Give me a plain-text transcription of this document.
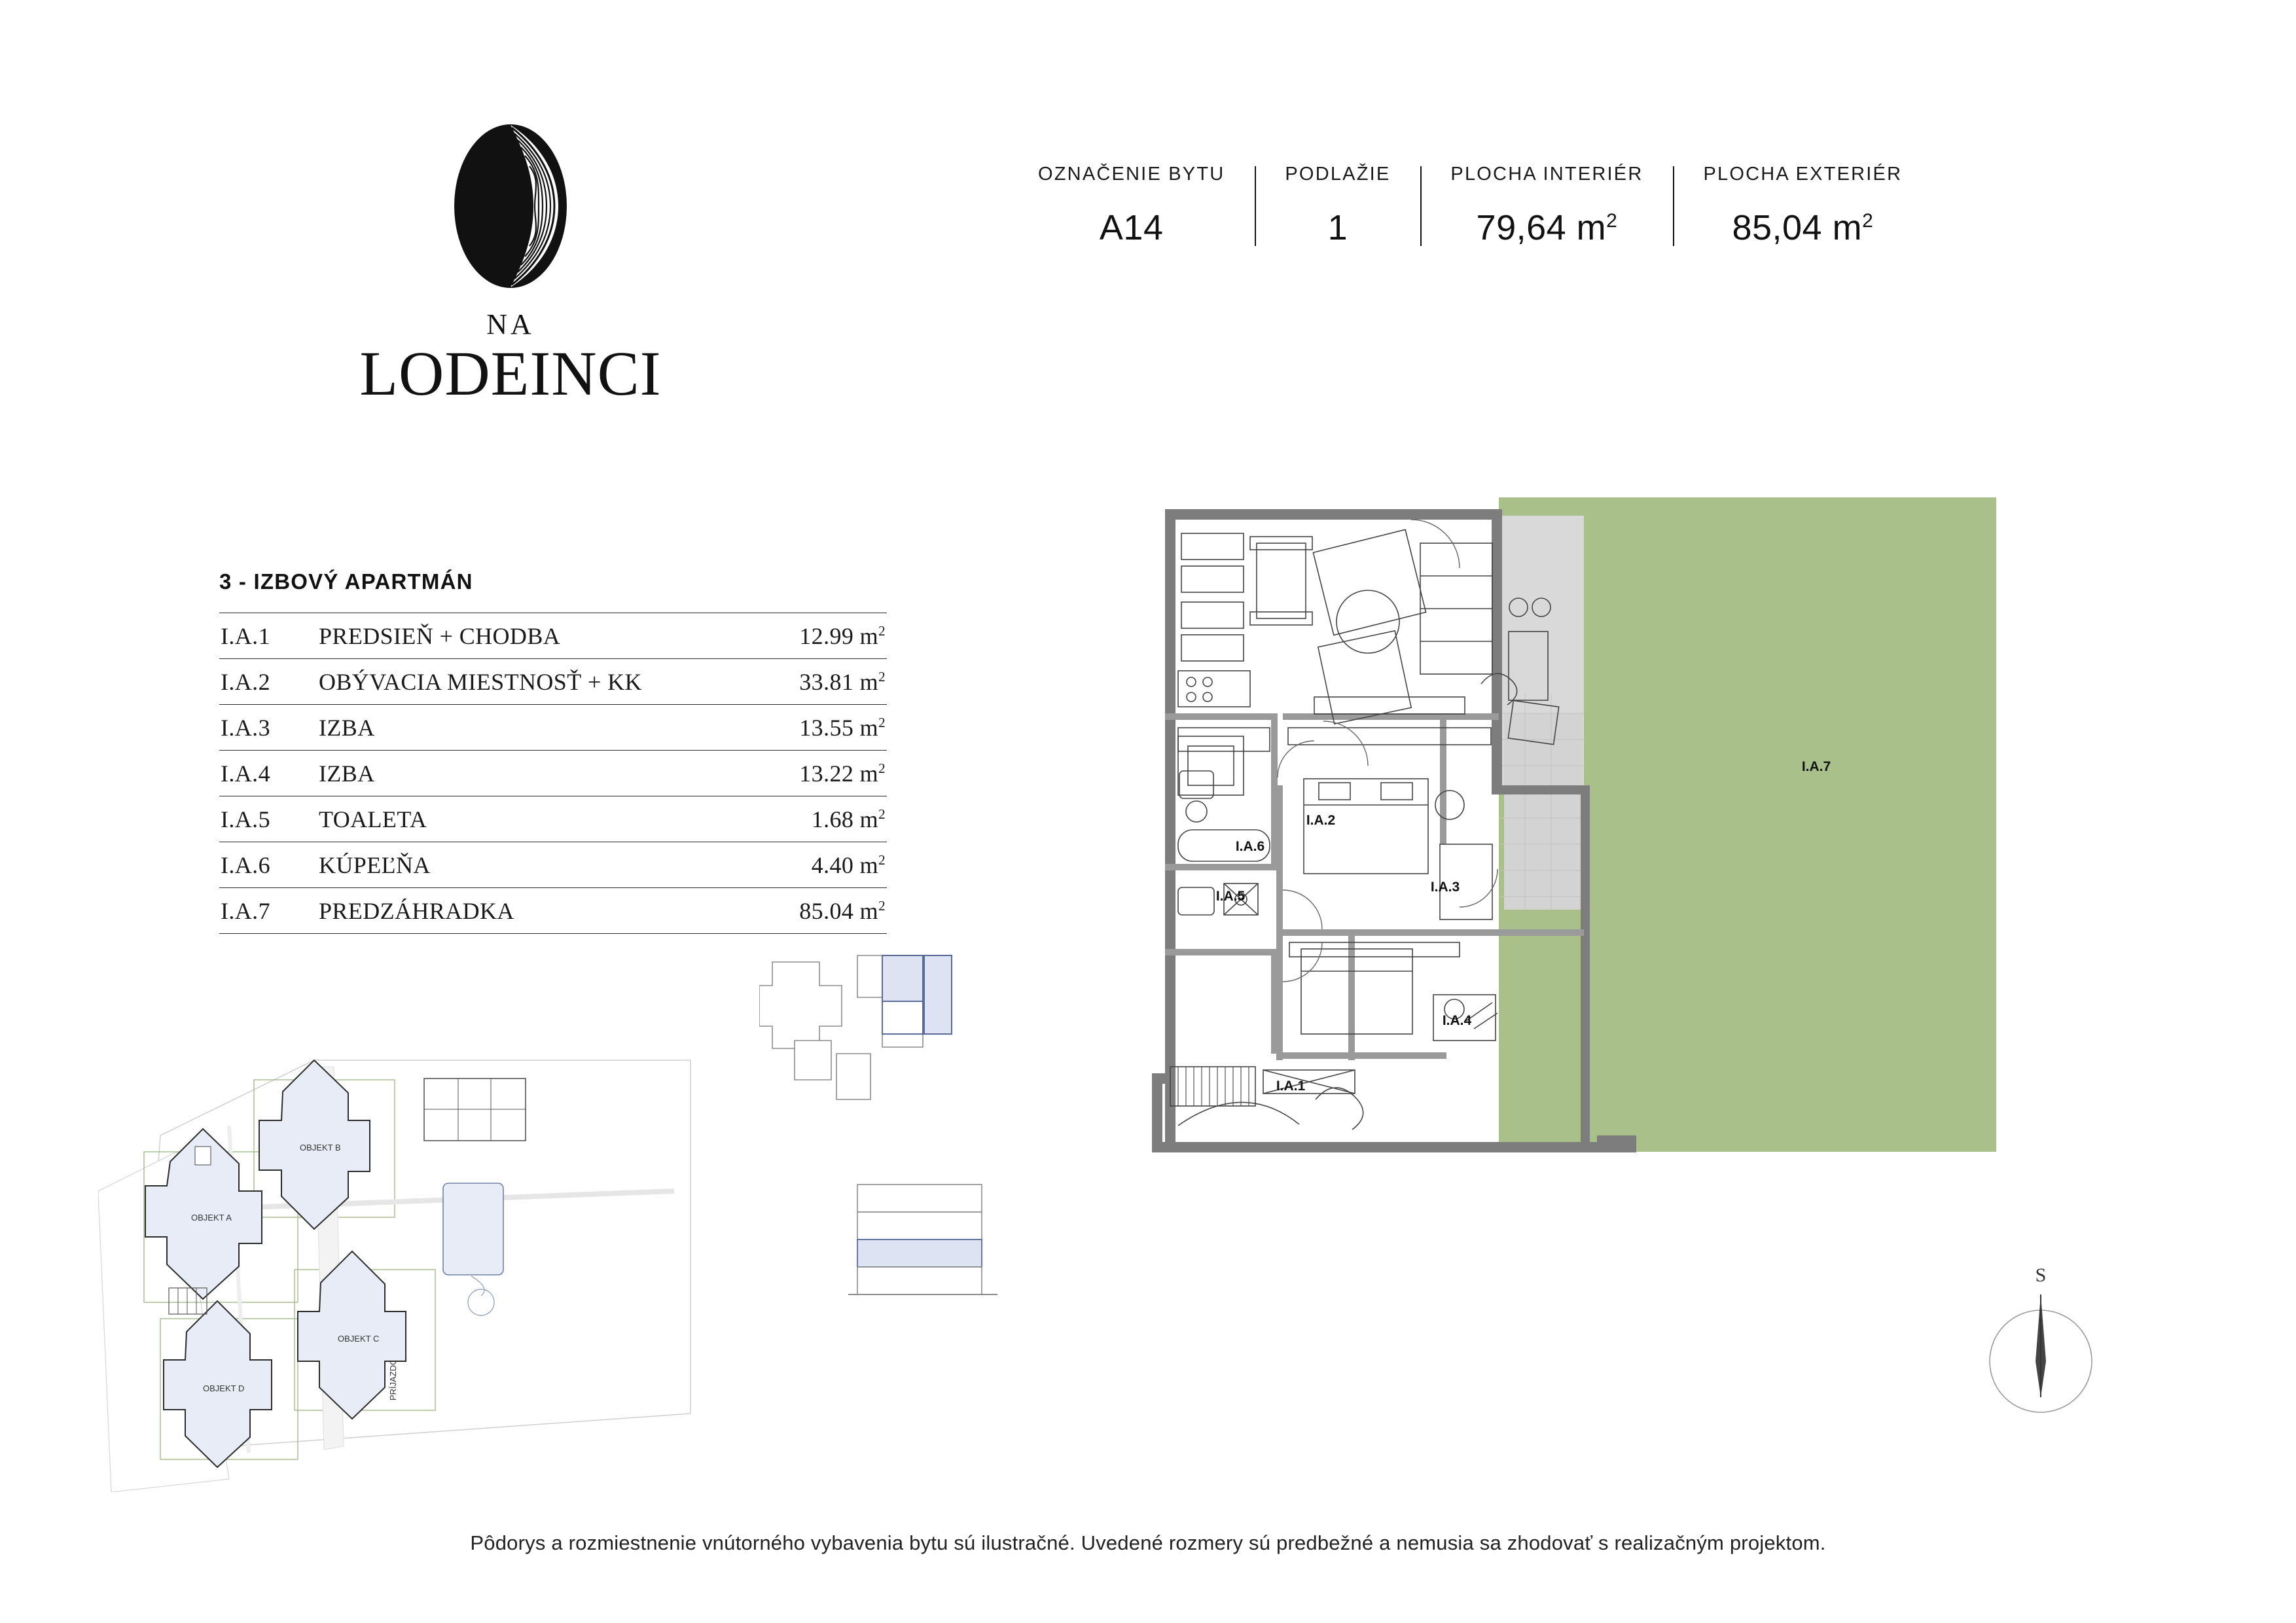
NA
LODEINCI
OZNAČENIE BYTU
A14
PODLAŽIE
1
PLOCHA INTERIÉR
79,64 $m^2$
PLOCHA EXTERIÉR
85,04 $m^2$
3 - IZBOVÝ APARTMÁN
I.A.1	PREDSIEŇ + CHODBA	12.99 $m^2$
I.A.2	OBÝVACIA MIESTNOSŤ + KK	33.81 $m^2$
I.A.3	IZBA	13.55 $m^2$
I.A.4	IZBA	13.22 $m^2$
I.A.5	TOALETA	1.68 $m^2$
I.A.6	KÚPEĽŇA	4.40 $m^2$
I.A.7	PREDZÁHRADKA	85.04 $m^2$
OBJEKT A
OBJEKT B
OBJEKT D
OBJEKT C
I.A.7
I.A.2
I.A.6
I.A.3
I.A.5
I.A.4
I.A.1
S
Pôdorys a rozmiestnenie vnútorného vybavenia bytu sú ilustračné. Uvedené rozmery sú predbežné a nemusia sa zhodovať s realizačným projektom.
